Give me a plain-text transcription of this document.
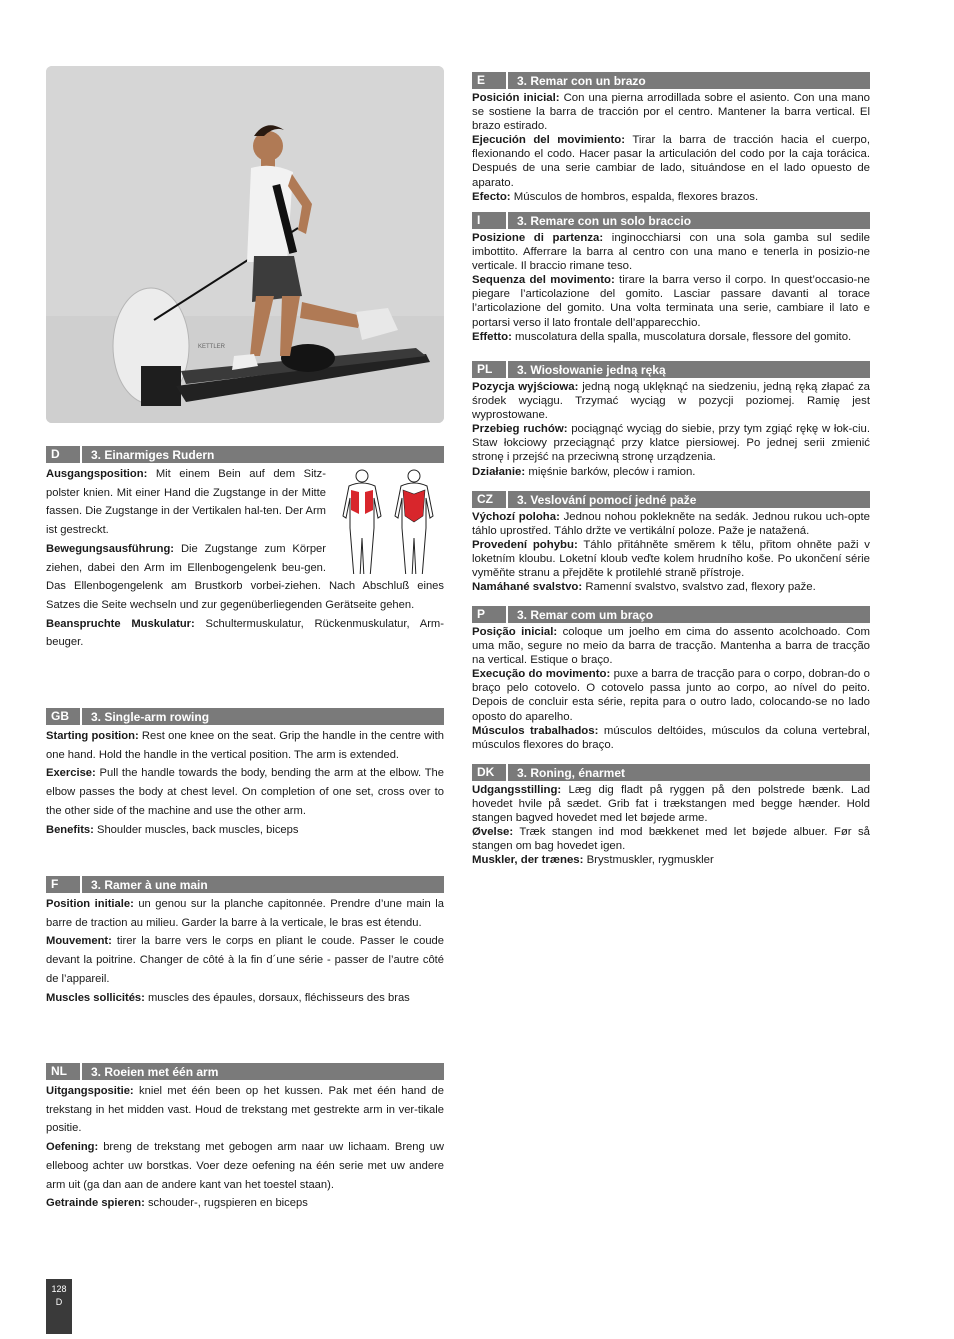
KETTLER
D	3. Einarmiges Rudern

Ausgangsposition: Mit einem Bein auf dem Sitz-polster knien. Mit einer Hand die Zugstange in der Mitte fassen. Die Zugstange in der Vertikalen hal-ten. Der Arm ist gestreckt.

Bewegungsausführung: Die Zugstange zum Körper ziehen, dabei den Arm im Ellenbogengelenk beu-gen. Das Ellenbogengelenk am Brustkorb vorbei-ziehen. Nach Abschluß eines Satzes die Seite wechseln und zur gegenüberliegenden Gerätseite gehen.

Beanspruchte Muskulatur: Schultermuskulatur, Rückenmuskulatur, Arm-beuger.

GB	3. Single-arm rowing

Starting position: Rest one knee on the seat. Grip the handle in the centre with one hand. Hold the handle in the vertical position. The arm is extended.

Exercise: Pull the handle towards the body, bending the arm at the elbow. The elbow passes the body at chest level. On completion of one set, cross over to the other side of the machine and use the other arm.

Benefits: Shoulder muscles, back muscles, biceps

F	3. Ramer à une main

Position initiale: un genou sur la planche capitonnée. Prendre d’une main la barre de traction au milieu. Garder la barre à la verticale, le bras est étendu.

Mouvement: tirer la barre vers le corps en pliant le coude. Passer le coude devant la poitrine. Changer de côté à la fin d´une série - passer de l’autre côté de l’appareil.

Muscles sollicités: muscles des épaules, dorsaux, fléchisseurs des bras

NL	3. Roeien met één arm

Uitgangspositie: kniel met één been op het kussen. Pak met één hand de trekstang in het midden vast. Houd de trekstang met gestrekte arm in ver-tikale positie.

Oefening: breng de trekstang met gebogen arm naar uw lichaam. Breng uw elleboog achter uw borstkas. Voer deze oefening na één serie met uw andere arm uit (ga dan aan de andere kant van het toestel staan).

Getrainde spieren: schouder-, rugspieren en biceps

E	3. Remar con un brazo

Posición inicial: Con una pierna arrodillada sobre el asiento. Con una mano se sostiene la barra de tracción por el centro. Mantener la barra vertical. El brazo estirado.

Ejecución del movimiento: Tirar la barra de tracción hacia el cuerpo, flexionando el codo. Hacer pasar la articulación del codo por la caja torácica. Después de una serie cambiar de lado, situándose en el lado opuesto de aparato.

Efecto: Músculos de hombros, espalda, flexores brazos.

I	3. Remare con un solo braccio

Posizione di partenza: inginocchiarsi con una sola gamba sul sedile imbottito. Afferrare la barra al centro con una mano e tenerla in posizio-ne verticale. Il braccio rimane teso.

Sequenza del movimento: tirare la barra verso il corpo. In quest’occasio-ne piegare l’articolazione del gomito. Lasciar passare davanti al torace l’articolazione del gomito. Una volta terminata una serie, cambiare il lato e portarsi verso il lato frontale dell’apparecchio.

Effetto: muscolatura della spalla, muscolatura dorsale, flessore del gomito.

PL	3. Wiosłowanie jedną ręką

Pozycja wyjściowa: jedną nogą uklęknąć na siedzeniu, jedną ręką złapać za środek wyciągu. Trzymać wyciąg w pozycji poziomej. Ramię jest wyprostowane.

Przebieg ruchów: pociągnąć wyciąg do siebie, przy tym zgiąć rękę w łok-ciu. Staw łokciowy przeciągnąć przy klatce piersiowej. Po jednej serii zmienić stronę i przejść na przeciwną stronę urządzenia.

Działanie: mięśnie barków, pleców i ramion.

CZ	3. Veslování pomocí jedné paže

Výchozí poloha: Jednou nohou poklekněte na sedák. Jednou rukou uch-opte táhlo uprostřed. Táhlo držte ve vertikální poloze. Paže je natažená.

Provedení pohybu: Táhlo přitáhněte směrem k tělu, přitom ohněte paži v loketním kloubu. Loketní kloub veďte kolem hrudního koše. Po ukončení série vyměňte stranu a přejděte k protilehlé straně přístroje.

Namáhané svalstvo: Ramenní svalstvo, svalstvo zad, flexory paže.

P	3. Remar com um braço

Posição inicial: coloque um joelho em cima do assento acolchoado. Com uma mão, segure no meio da barra de tracção. Mantenha a barra de tracção na vertical. Estique o braço.

Execução do movimento: puxe a barra de tracção para o corpo, dobran-do o braço pelo cotovelo. O cotovelo passa junto ao corpo, ao nível do peito. Depois de concluir esta série, repita para o outro lado, colocando-se no lado oposto do aparelho.

Músculos trabalhados: músculos deltóides, músculos da coluna vertebral, músculos flexores do braço.

DK	3. Roning, énarmet

Udgangsstilling: Læg dig fladt på ryggen på den polstrede bænk. Lad hovedet hvile på sædet. Grib fat i trækstangen med begge hænder. Hold stangen bagved hovedet med let bøjede arme.

Øvelse: Træk stangen ind mod bækkenet med let bøjede albuer. Før så stangen om bag hovedet igen.

Muskler, der trænes: Brystmuskler, rygmuskler

128
D
